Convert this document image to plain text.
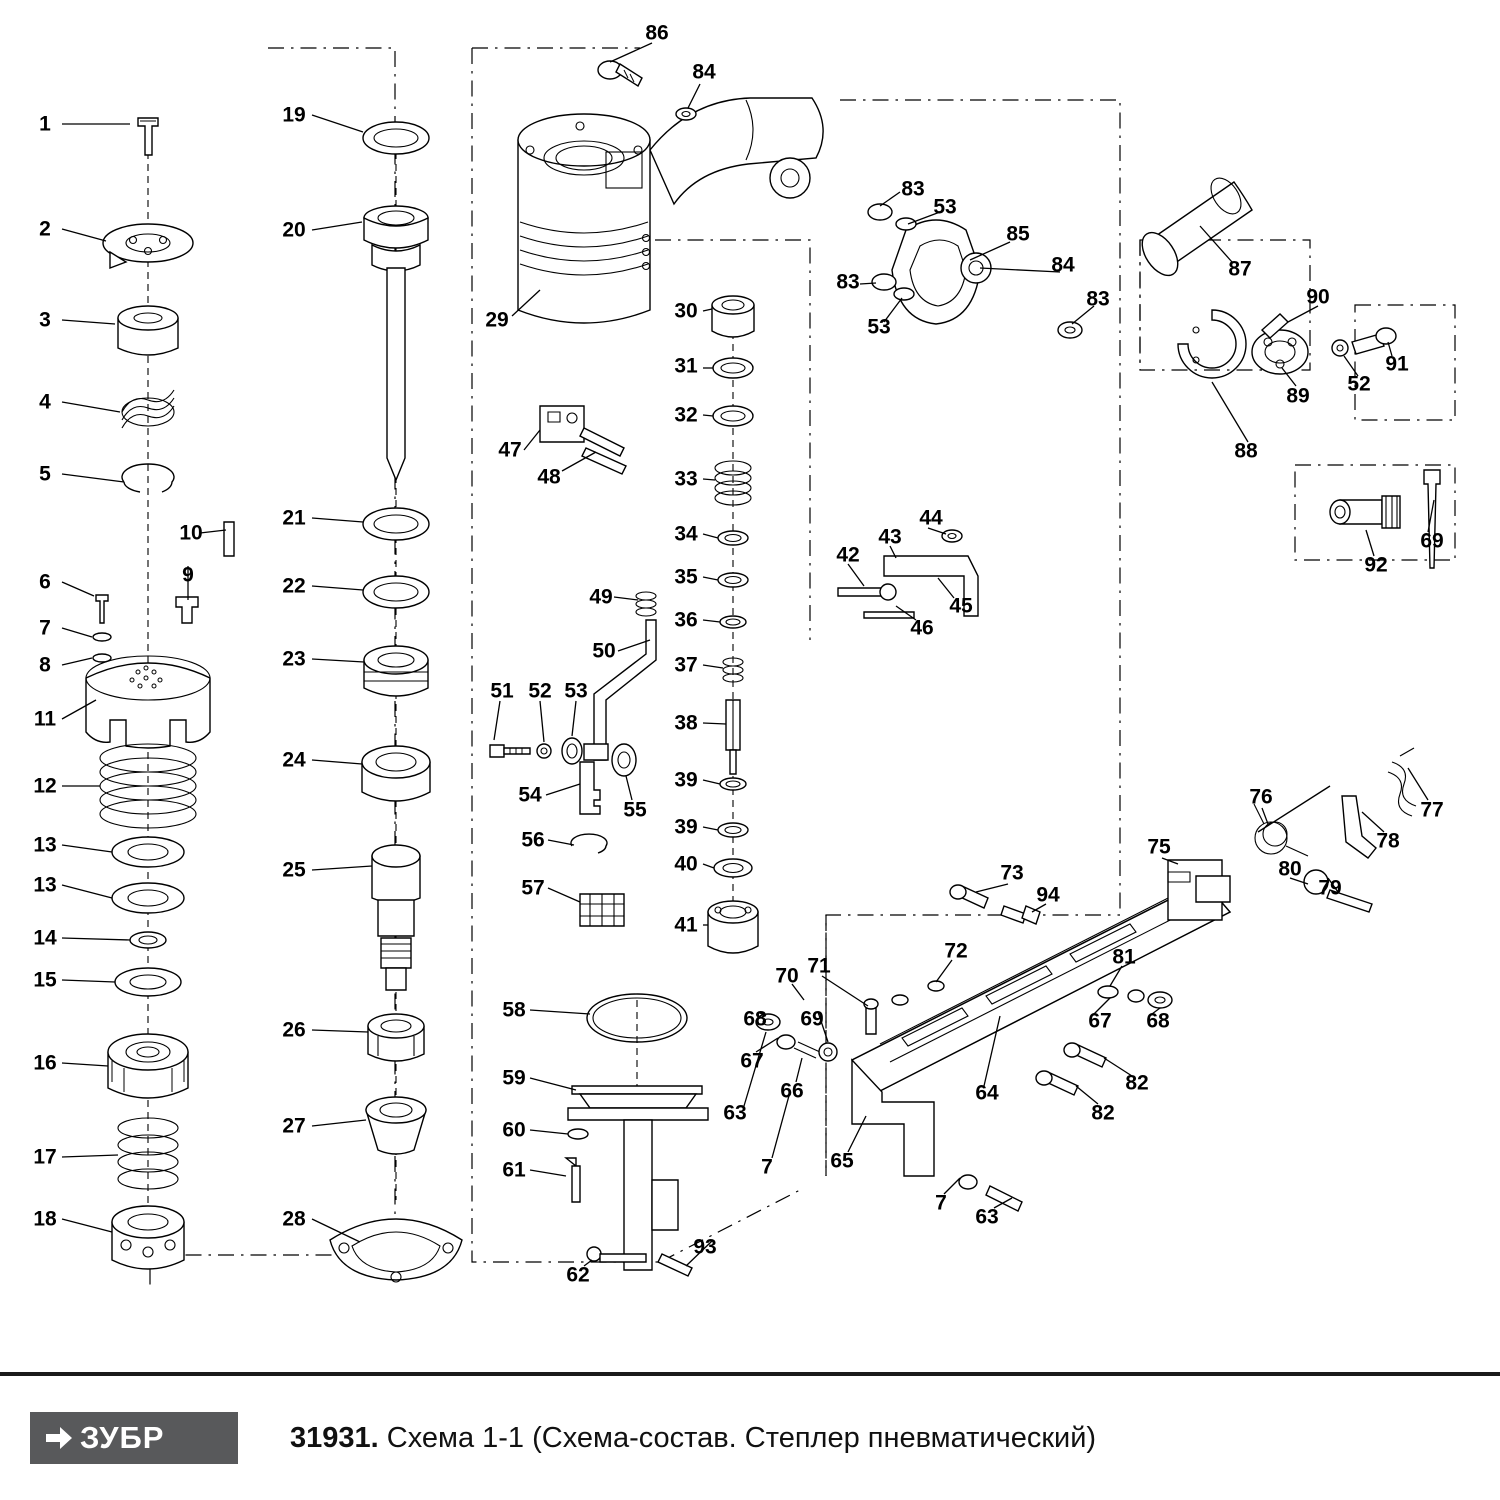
1
2
3
4
5
6
7
8
9
10
11
12
13
13
14
15
16
17
18
19
20
21
22
23
24
25
26
27
28
29	30
31
32
33
34
35
36
37
38
39
39
40
41
42
43
44
45
46
47
48
49
50
51 52 53
54
55
56
57
58
59
60
61
62
63
64
65
66
67
67
68	68
69
69
70 71
72
73
75
76
77
78
79
80
81
82
82
83
83
83
84
84
85
86
87
88
89
90
91
92
93
94
53
53
52
7
7
63
ЗУБР	31931. Схема 1-1 (Схема-состав. Степлер пневматический)
